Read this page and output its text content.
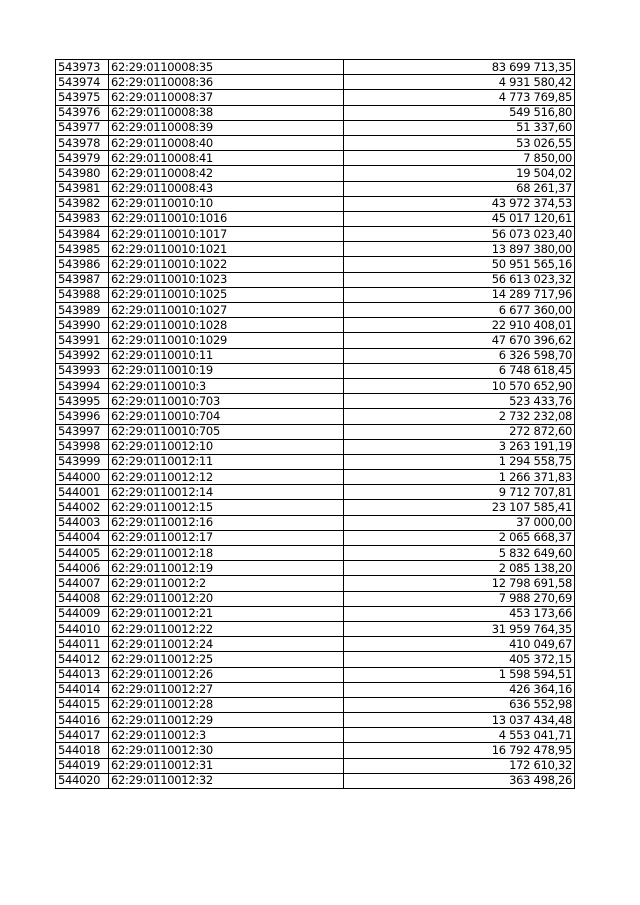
543973	62:29:0110008:35	83 699 713,35
543974	62:29:0110008:36	4 931 580,42
543975	62:29:0110008:37	4 773 769,85
543976	62:29:0110008:38	549 516,80
543977	62:29:0110008:39	51 337,60
543978	62:29:0110008:40	53 026,55
543979	62:29:0110008:41	7 850,00
543980	62:29:0110008:42	19 504,02
543981	62:29:0110008:43	68 261,37
543982	62:29:0110010:10	43 972 374,53
543983	62:29:0110010:1016	45 017 120,61
543984	62:29:0110010:1017	56 073 023,40
543985	62:29:0110010:1021	13 897 380,00
543986	62:29:0110010:1022	50 951 565,16
543987	62:29:0110010:1023	56 613 023,32
543988	62:29:0110010:1025	14 289 717,96
543989	62:29:0110010:1027	6 677 360,00
543990	62:29:0110010:1028	22 910 408,01
543991	62:29:0110010:1029	47 670 396,62
543992	62:29:0110010:11	6 326 598,70
543993	62:29:0110010:19	6 748 618,45
543994	62:29:0110010:3	10 570 652,90
543995	62:29:0110010:703	523 433,76
543996	62:29:0110010:704	2 732 232,08
543997	62:29:0110010:705	272 872,60
543998	62:29:0110012:10	3 263 191,19
543999	62:29:0110012:11	1 294 558,75
544000	62:29:0110012:12	1 266 371,83
544001	62:29:0110012:14	9 712 707,81
544002	62:29:0110012:15	23 107 585,41
544003	62:29:0110012:16	37 000,00
544004	62:29:0110012:17	2 065 668,37
544005	62:29:0110012:18	5 832 649,60
544006	62:29:0110012:19	2 085 138,20
544007	62:29:0110012:2	12 798 691,58
544008	62:29:0110012:20	7 988 270,69
544009	62:29:0110012:21	453 173,66
544010	62:29:0110012:22	31 959 764,35
544011	62:29:0110012:24	410 049,67
544012	62:29:0110012:25	405 372,15
544013	62:29:0110012:26	1 598 594,51
544014	62:29:0110012:27	426 364,16
544015	62:29:0110012:28	636 552,98
544016	62:29:0110012:29	13 037 434,48
544017	62:29:0110012:3	4 553 041,71
544018	62:29:0110012:30	16 792 478,95
544019	62:29:0110012:31	172 610,32
544020	62:29:0110012:32	363 498,26
